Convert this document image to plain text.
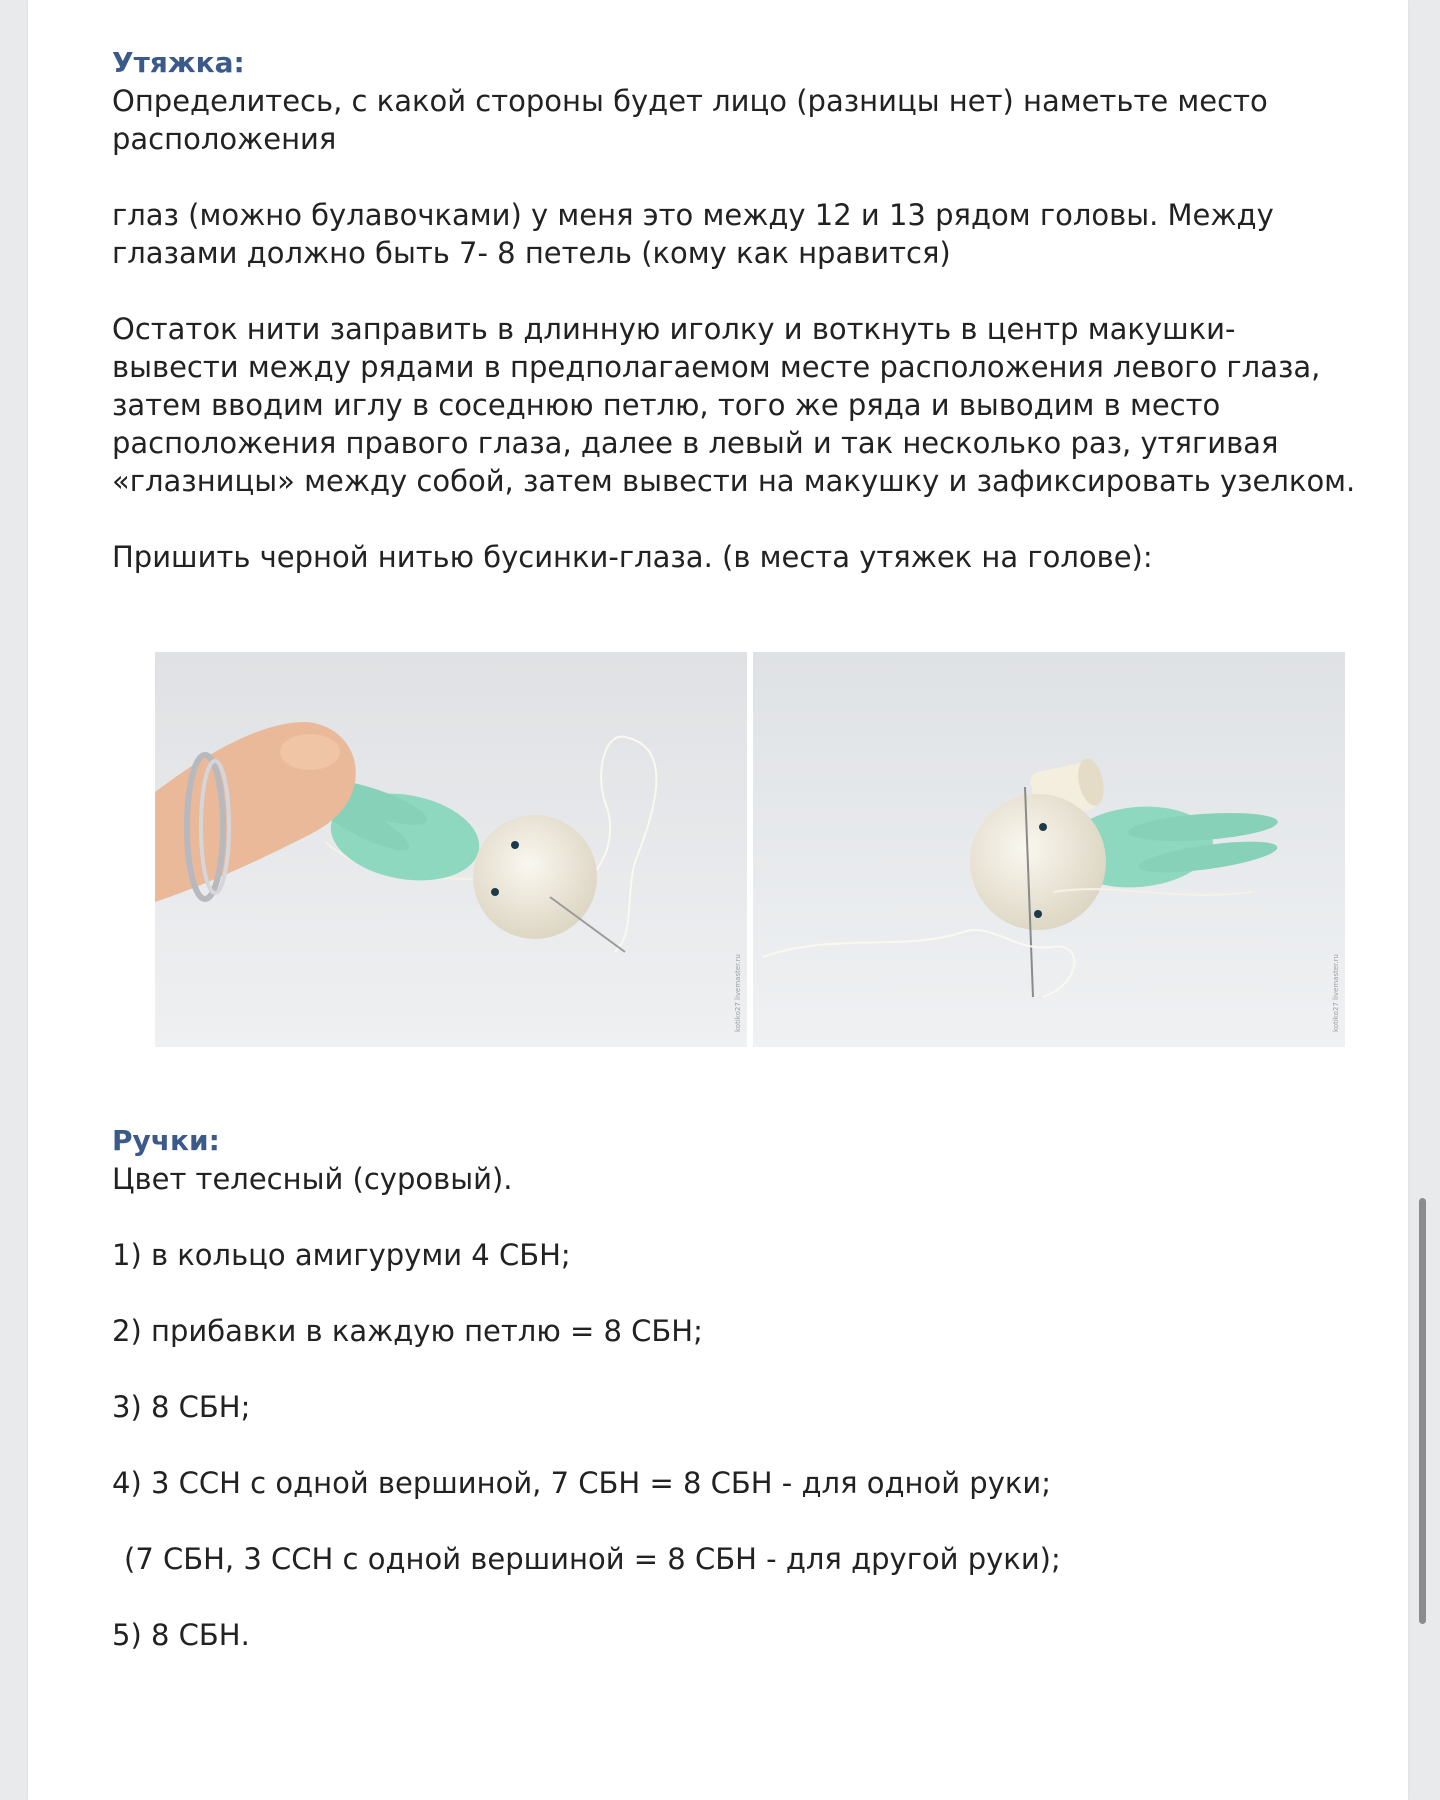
Утяжка:

Определитесь, с какой стороны будет лицо (разницы нет) наметьте место расположения

глаз (можно булавочками) у меня это между 12 и 13 рядом головы. Между глазами должно быть 7- 8 петель (кому как нравится)

Остаток нити заправить в длинную иголку и воткнуть в центр макушки-вывести между рядами в предполагаемом месте расположения левого глаза, затем вводим иглу в соседнюю петлю, того же ряда и выводим в место расположения правого глаза, далее в левый и так несколько раз, утягивая «глазницы» между собой, затем вывести на макушку и зафиксировать узелком.

Пришить черной нитью бусинки-глаза. (в места утяжек на голове):

kotiko27 livemaster.ru	kotiko27 livemaster.ru
Ручки:

Цвет телесный (суровый).

1) в кольцо амигуруми 4 СБН;

2) прибавки в каждую петлю = 8 СБН;

3) 8 СБН;

4) 3 ССН с одной вершиной, 7 СБН = 8 СБН - для одной руки;

(7 СБН, 3 ССН с одной вершиной = 8 СБН - для другой руки);

5) 8 СБН.
